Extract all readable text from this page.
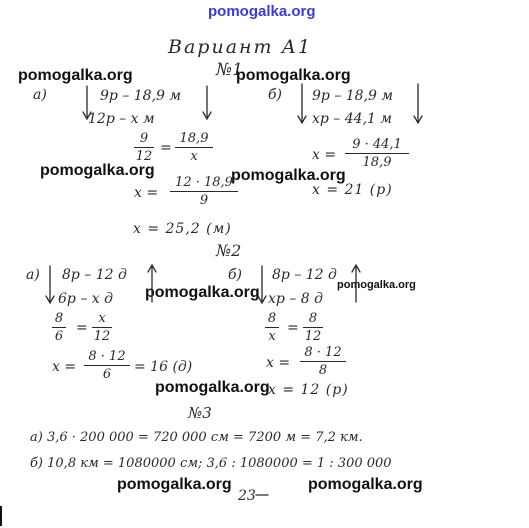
pomogalka.org
Вариант А1
№1
pomogalka.org	pomogalka.org
pomogalka.org	pomogalka.org
pomogalka.org	pomogalka.org
pomogalka.org
pomogalka.org	pomogalka.org
а)	9р – 18,9 м
12р – х м
9
12
=
18,9
х
х =
12 · 18,9
9
х = 25,2 (м)
б) 9р – 18,9 м
хр – 44,1 м
х =
9 · 44,1
18,9
х = 21 (р)
№2
а) 8р – 12 д
6р – х д
8
6
=
х
12
х =
8 · 12
6	= 16 (д)
б) 8р – 12 д
хр – 8 д
8
х
=
8
12
х =
8 · 12
8
х = 12 (р)
№3
а) 3,6 · 200 000 = 720 000 см = 7200 м = 7,2 км.
б) 10,8 км = 1080000 см; 3,6 : 1080000 = 1 : 300 000
23
